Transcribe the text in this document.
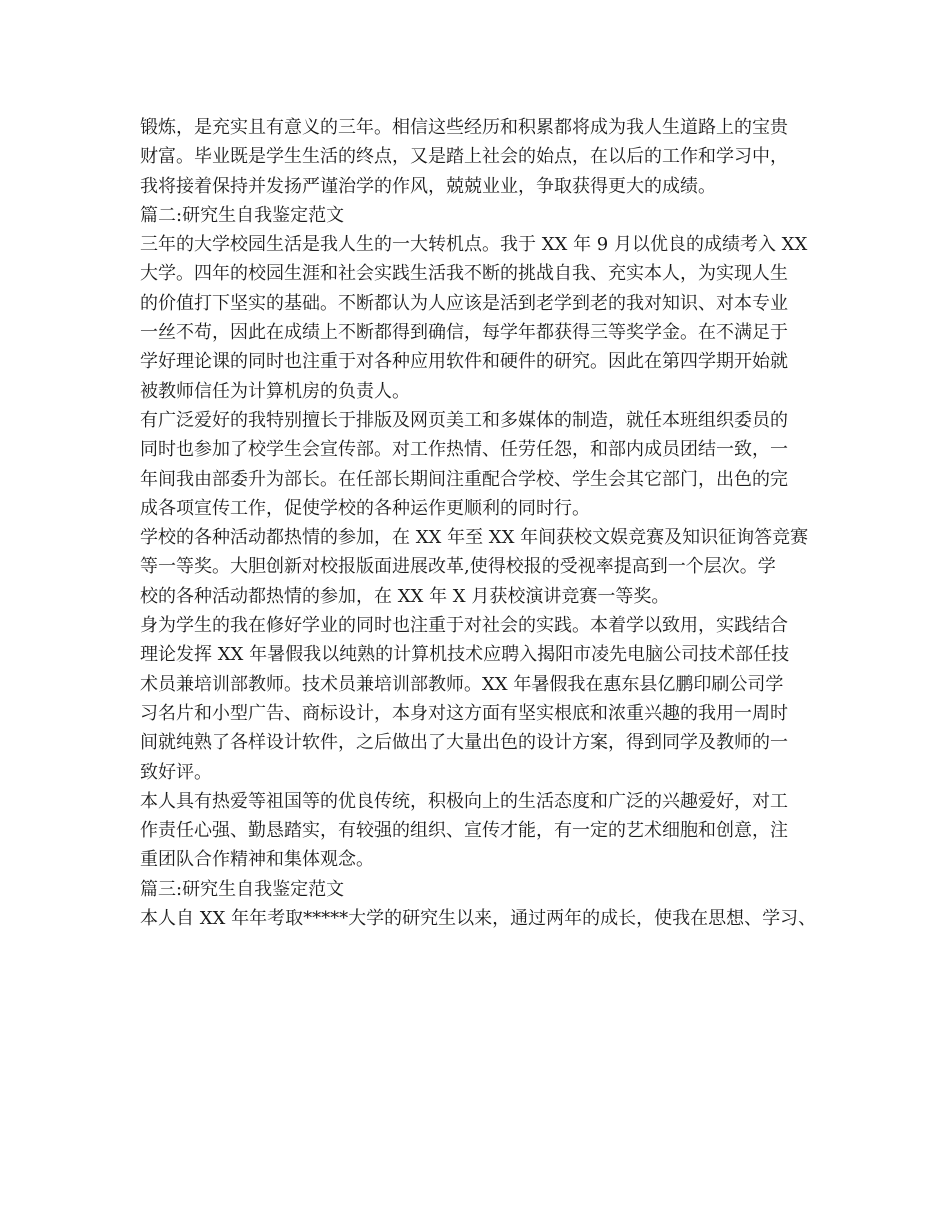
锻炼，是充实且有意义的三年。相信这些经历和积累都将成为我人生道路上的宝贵

财富。毕业既是学生生活的终点，又是踏上社会的始点，在以后的工作和学习中，

我将接着保持并发扬严谨治学的作风，兢兢业业，争取获得更大的成绩。

篇二:研究生自我鉴定范文

三年的大学校园生活是我人生的一大转机点。我于 XX 年 9 月以优良的成绩考入 XX

大学。四年的校园生涯和社会实践生活我不断的挑战自我、充实本人，为实现人生

的价值打下坚实的基础。不断都认为人应该是活到老学到老的我对知识、对本专业

一丝不苟，因此在成绩上不断都得到确信，每学年都获得三等奖学金。在不满足于

学好理论课的同时也注重于对各种应用软件和硬件的研究。因此在第四学期开始就

被教师信任为计算机房的负责人。

有广泛爱好的我特别擅长于排版及网页美工和多媒体的制造，就任本班组织委员的

同时也参加了校学生会宣传部。对工作热情、任劳任怨，和部内成员团结一致，一

年间我由部委升为部长。在任部长期间注重配合学校、学生会其它部门，出色的完

成各项宣传工作，促使学校的各种运作更顺利的同时行。

学校的各种活动都热情的参加，在 XX 年至 XX 年间获校文娱竞赛及知识征询答竞赛

等一等奖。大胆创新对校报版面进展改革,使得校报的受视率提高到一个层次。学

校的各种活动都热情的参加，在 XX 年 X 月获校演讲竞赛一等奖。

身为学生的我在修好学业的同时也注重于对社会的实践。本着学以致用，实践结合

理论发挥 XX 年暑假我以纯熟的计算机技术应聘入揭阳市凌先电脑公司技术部任技

术员兼培训部教师。技术员兼培训部教师。XX 年暑假我在惠东县亿鹏印刷公司学

习名片和小型广告、商标设计，本身对这方面有坚实根底和浓重兴趣的我用一周时

间就纯熟了各样设计软件，之后做出了大量出色的设计方案，得到同学及教师的一

致好评。

本人具有热爱等祖国等的优良传统，积极向上的生活态度和广泛的兴趣爱好，对工

作责任心强、勤恳踏实，有较强的组织、宣传才能，有一定的艺术细胞和创意，注

重团队合作精神和集体观念。

篇三:研究生自我鉴定范文

本人自 XX 年年考取*****大学的研究生以来，通过两年的成长，使我在思想、学习、
